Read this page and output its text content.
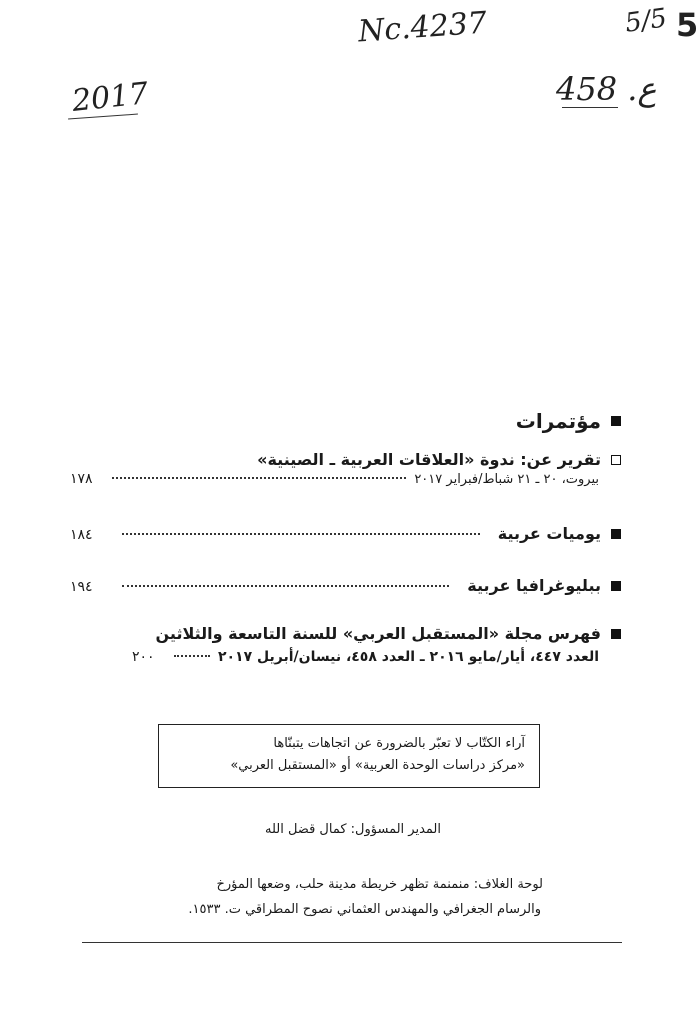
Nc.4237	5/5 5
2017	ع. 458
مؤتمرات
تقرير عن: ندوة «العلاقات العربية ـ الصينية»
بيروت، ٢٠ ـ ٢١ شباط/فبراير ٢٠١٧
١٧٨
يوميات عربية
١٨٤
ببليوغرافيا عربية
١٩٤
فهرس مجلة «المستقبل العربي» للسنة التاسعة والثلاثين
العدد ٤٤٧، أيار/مايو ٢٠١٦ ـ العدد ٤٥٨، نيسان/أبريل ٢٠١٧
٢٠٠
آراء الكتّاب لا تعبّر بالضرورة عن اتجاهات يتبنّاها
«مركز دراسات الوحدة العربية» أو «المستقبل العربي»
المدير المسؤول: كمال قضل الله
لوحة الغلاف: منمنمة تظهر خريطة مدينة حلب، وضعها المؤرخ
والرسام الجغرافي والمهندس العثماني نصوح المطراقي ت. ١٥٣٣.
